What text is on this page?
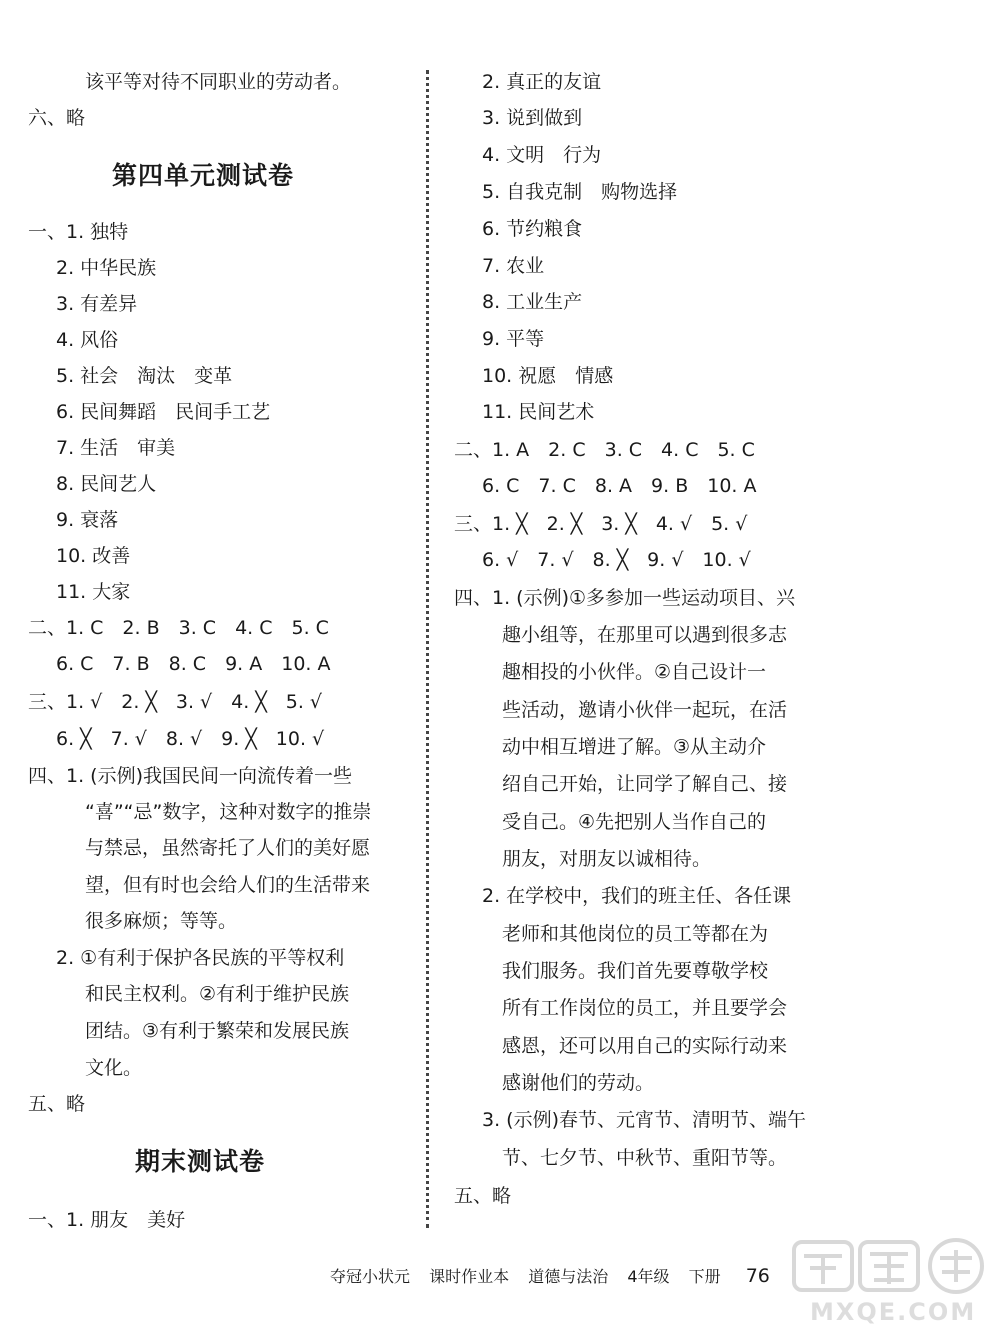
该平等对待不同职业的劳动者。
六、略
第四单元测试卷
一、1. 独特
2. 中华民族
3. 有差异
4. 风俗
5. 社会　淘汰　变革
6. 民间舞蹈　民间手工艺
7. 生活　审美
8. 民间艺人
9. 衰落
10. 改善
11. 大家
二、1. C　2. B　3. C　4. C　5. C
6. C　7. B　8. C　9. A　10. A
三、1. √　2. ╳　3. √　4. ╳　5. √
6. ╳　7. √　8. √　9. ╳　10. √
四、1. (示例)我国民间一向流传着一些
“喜”“忌”数字，这种对数字的推崇
与禁忌，虽然寄托了人们的美好愿
望，但有时也会给人们的生活带来
很多麻烦；等等。
2. ①有利于保护各民族的平等权利
和民主权利。②有利于维护民族
团结。③有利于繁荣和发展民族
文化。
五、略
期末测试卷
一、1. 朋友　美好
2. 真正的友谊
3. 说到做到
4. 文明　行为
5. 自我克制　购物选择
6. 节约粮食
7. 农业
8. 工业生产
9. 平等
10. 祝愿　情感
11. 民间艺术
二、1. A　2. C　3. C　4. C　5. C
6. C　7. C　8. A　9. B　10. A
三、1. ╳　2. ╳　3. ╳　4. √　5. √
6. √　7. √　8. ╳　9. √　10. √
四、1. (示例)①多参加一些运动项目、兴
趣小组等，在那里可以遇到很多志
趣相投的小伙伴。②自己设计一
些活动，邀请小伙伴一起玩，在活
动中相互增进了解。③从主动介
绍自己开始，让同学了解自己、接
受自己。④先把别人当作自己的
朋友，对朋友以诚相待。
2. 在学校中，我们的班主任、各任课
老师和其他岗位的员工等都在为
我们服务。我们首先要尊敬学校
所有工作岗位的员工，并且要学会
感恩，还可以用自己的实际行动来
感谢他们的劳动。
3. (示例)春节、元宵节、清明节、端午
节、七夕节、中秋节、重阳节等。
五、略
夺冠小状元 课时作业本 道德与法治 4年级 下册 76
MXQE.COM
